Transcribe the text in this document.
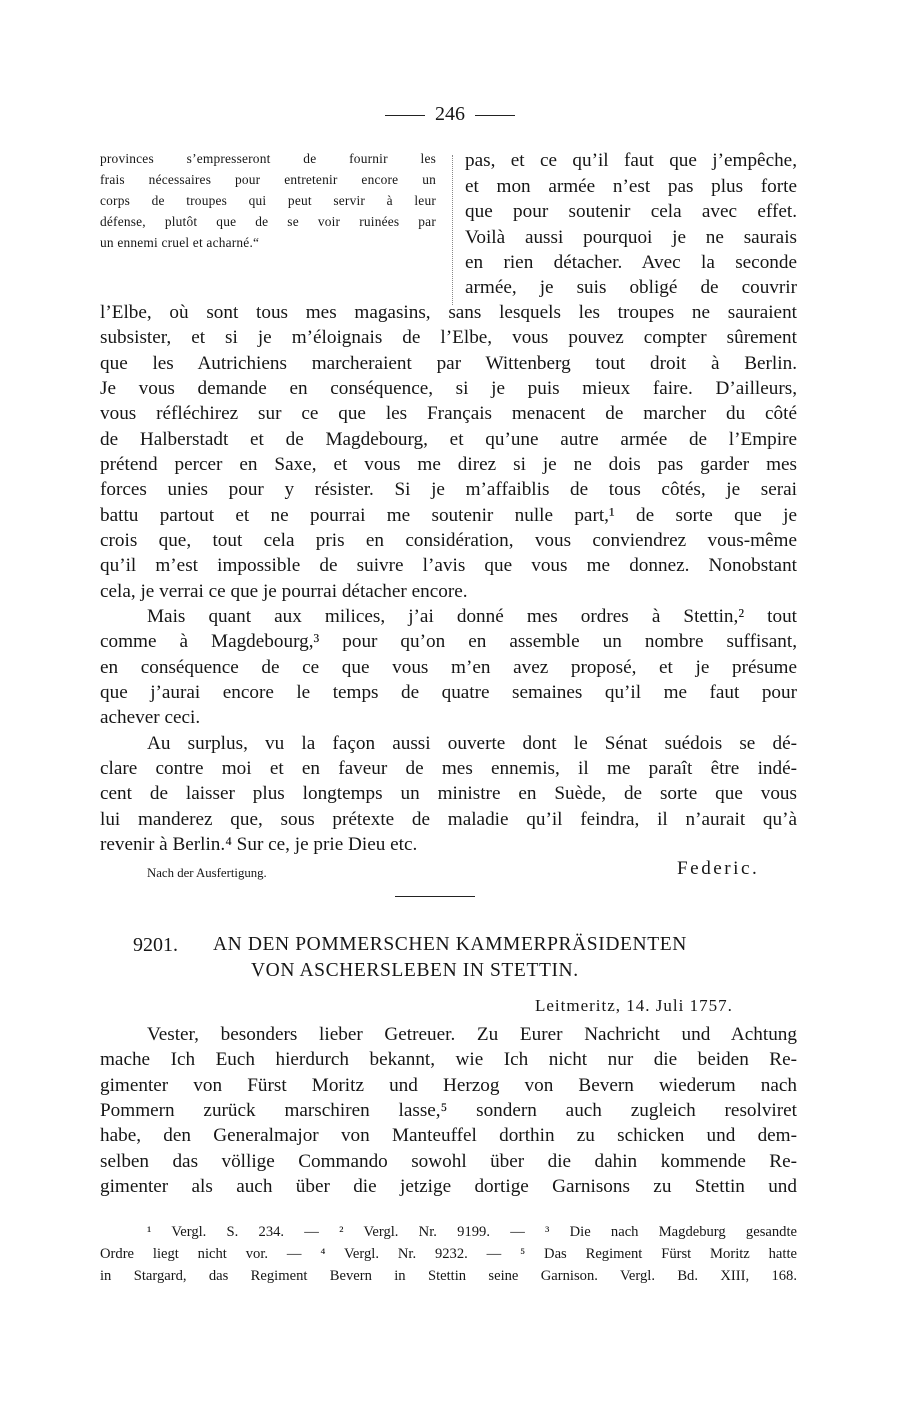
246
provinces s’empresseront de fournir les
frais nécessaires pour entretenir encore un
corps de troupes qui peut servir à leur
défense, plutôt que de se voir ruinées par
un ennemi cruel et acharné.“
pas, et ce qu’il faut que j’empêche,
et mon armée n’est pas plus forte
que pour soutenir cela avec effet.
Voilà aussi pourquoi je ne saurais
en rien détacher. Avec la seconde
armée, je suis obligé de couvrir
l’Elbe, où sont tous mes magasins, sans lesquels les troupes ne sauraient
subsister, et si je m’éloignais de l’Elbe, vous pouvez compter sûrement
que les Autrichiens marcheraient par Wittenberg tout droit à Berlin.
Je vous demande en conséquence, si je puis mieux faire. D’ailleurs,
vous réfléchirez sur ce que les Français menacent de marcher du côté
de Halberstadt et de Magdebourg, et qu’une autre armée de l’Empire
prétend percer en Saxe, et vous me direz si je ne dois pas garder mes
forces unies pour y résister. Si je m’affaiblis de tous côtés, je serai
battu partout et ne pourrai me soutenir nulle part,¹ de sorte que je
crois que, tout cela pris en considération, vous conviendrez vous-même
qu’il m’est impossible de suivre l’avis que vous me donnez. Nonobstant
cela, je verrai ce que je pourrai détacher encore.
Mais quant aux milices, j’ai donné mes ordres à Stettin,² tout
comme à Magdebourg,³ pour qu’on en assemble un nombre suffisant,
en conséquence de ce que vous m’en avez proposé, et je présume
que j’aurai encore le temps de quatre semaines qu’il me faut pour
achever ceci.
Au surplus, vu la façon aussi ouverte dont le Sénat suédois se dé-
clare contre moi et en faveur de mes ennemis, il me paraît être indé-
cent de laisser plus longtemps un ministre en Suède, de sorte que vous
lui manderez que, sous prétexte de maladie qu’il feindra, il n’aurait qu’à
revenir à Berlin.⁴ Sur ce, je prie Dieu etc.
Nach der Ausfertigung.	Federic.
9201. AN DEN POMMERSCHEN KAMMERPRÄSIDENTEN
VON ASCHERSLEBEN IN STETTIN.
Leitmeritz, 14. Juli 1757.
Vester, besonders lieber Getreuer. Zu Eurer Nachricht und Achtung
mache Ich Euch hierdurch bekannt, wie Ich nicht nur die beiden Re-
gimenter von Fürst Moritz und Herzog von Bevern wiederum nach
Pommern zurück marschiren lasse,⁵ sondern auch zugleich resolviret
habe, den Generalmajor von Manteuffel dorthin zu schicken und dem-
selben das völlige Commando sowohl über die dahin kommende Re-
gimenter als auch über die jetzige dortige Garnisons zu Stettin und
¹ Vergl. S. 234. — ² Vergl. Nr. 9199. — ³ Die nach Magdeburg gesandte
Ordre liegt nicht vor. — ⁴ Vergl. Nr. 9232. — ⁵ Das Regiment Fürst Moritz hatte
in Stargard, das Regiment Bevern in Stettin seine Garnison. Vergl. Bd. XIII, 168.
